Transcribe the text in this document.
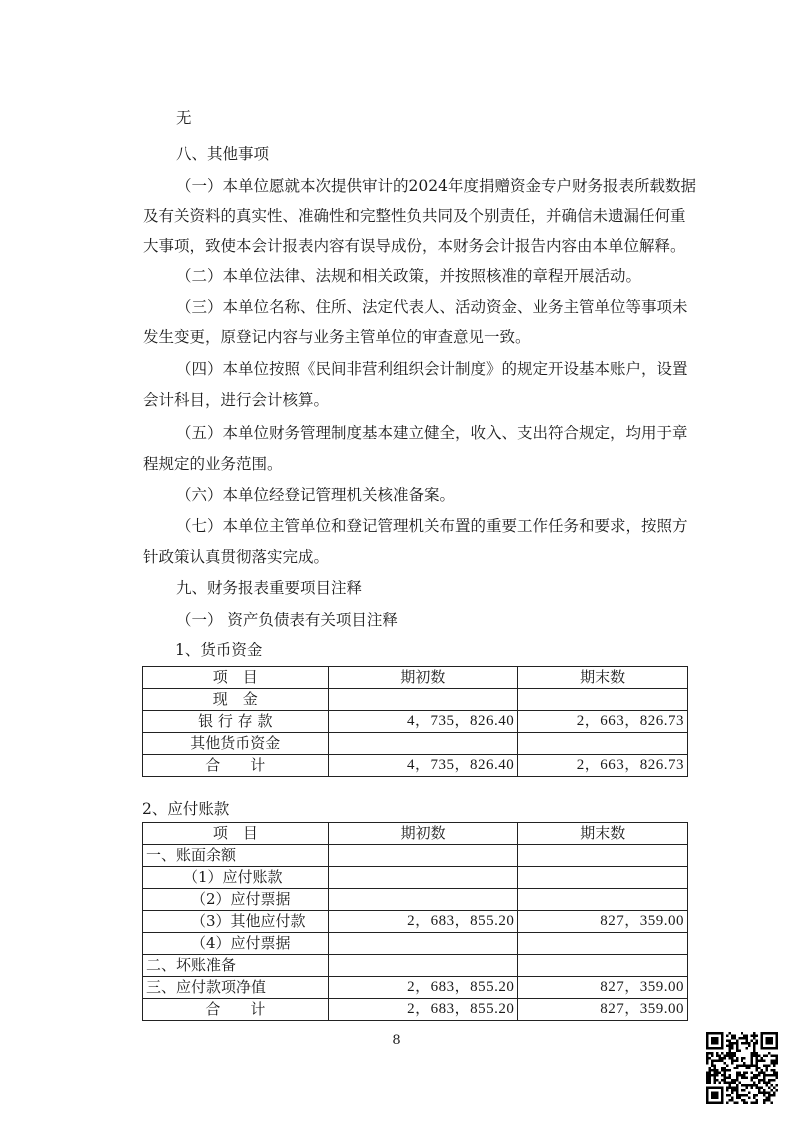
无
八、其他事项
（一）本单位愿就本次提供审计的2024年度捐赠资金专户财务报表所载数据
及有关资料的真实性、准确性和完整性负共同及个别责任，并确信未遗漏任何重
大事项，致使本会计报表内容有误导成份，本财务会计报告内容由本单位解释。
（二）本单位法律、法规和相关政策，并按照核准的章程开展活动。
（三）本单位名称、住所、法定代表人、活动资金、业务主管单位等事项未
发生变更，原登记内容与业务主管单位的审查意见一致。
（四）本单位按照《民间非营利组织会计制度》的规定开设基本账户，设置
会计科目，进行会计核算。
（五）本单位财务管理制度基本建立健全，收入、支出符合规定，均用于章
程规定的业务范围。
（六）本单位经登记管理机关核准备案。
（七）本单位主管单位和登记管理机关布置的重要工作任务和要求，按照方
针政策认真贯彻落实完成。
九、财务报表重要项目注释
（一） 资产负债表有关项目注释
1、货币资金
项　目	期初数	期末数
现　金		
银 行 存 款	4，735，826.40	2，663，826.73
其他货币资金		
合　　计	4，735，826.40	2，663，826.73
2、应付账款
项　目	期初数	期末数
一、账面余额		
（1）应付账款		
（2）应付票据		
（3）其他应付款	2，683，855.20	827，359.00
（4）应付票据		
二、坏账准备		
三、应付款项净值	2，683，855.20	827，359.00
合　　计	2，683，855.20	827，359.00
8
